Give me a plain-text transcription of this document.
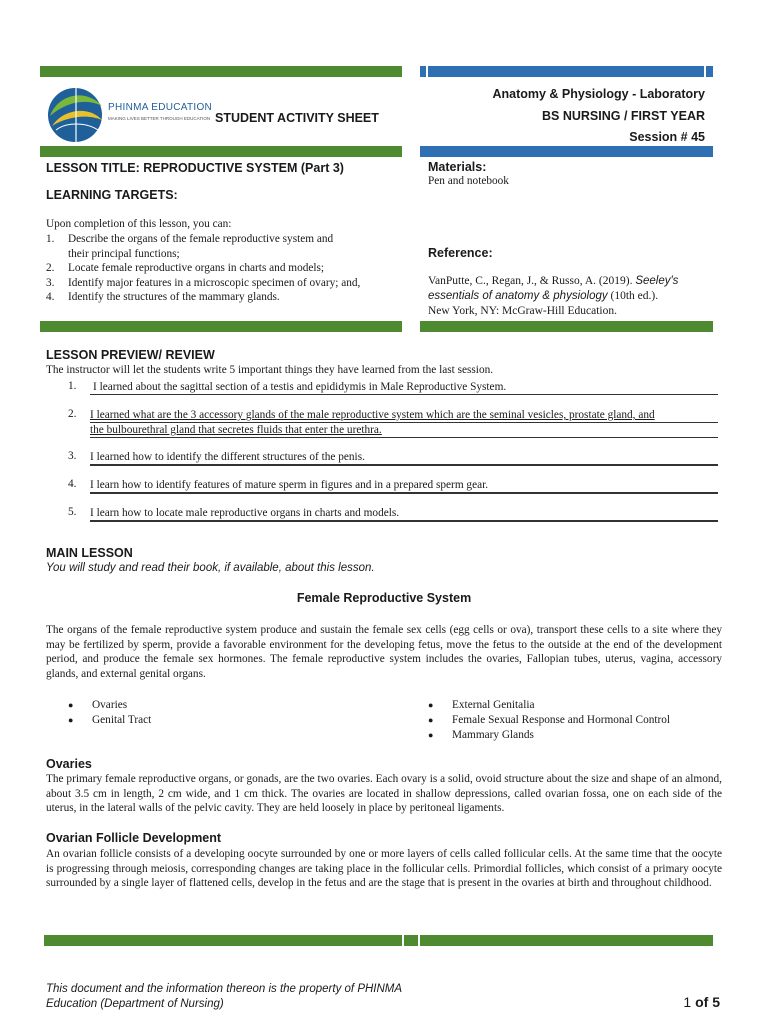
PHINMA EDUCATION
MAKING LIVES BETTER THROUGH EDUCATION STUDENT ACTIVITY SHEET
Anatomy & Physiology - Laboratory
BS NURSING / FIRST YEAR
Session # 45
LESSON TITLE: REPRODUCTIVE SYSTEM (Part 3)
LEARNING TARGETS:
Upon completion of this lesson, you can:
1. Describe the organs of the female reproductive system and
their principal functions;
2. Locate female reproductive organs in charts and models;
3. Identify major features in a microscopic specimen of ovary; and,
4. Identify the structures of the mammary glands.
Materials:
Pen and notebook
Reference:
VanPutte, C., Regan, J., & Russo, A. (2019). Seeley's
essentials of anatomy & physiology (10th ed.).
New York, NY: McGraw-Hill Education.
LESSON PREVIEW/ REVIEW
The instructor will let the students write 5 important things they have learned from the last session.
1. I learned about the sagittal section of a testis and epididymis in Male Reproductive System.
2. I learned what are the 3 accessory glands of the male reproductive system which are the seminal vesicles, prostate gland, and
the bulbourethral gland that secretes fluids that enter the urethra.
3. I learned how to identify the different structures of the penis.
4. I learn how to identify features of mature sperm in figures and in a prepared sperm gear.
5. I learn how to locate male reproductive organs in charts and models.
MAIN LESSON
You will study and read their book, if available, about this lesson.
Female Reproductive System
The organs of the female reproductive system produce and sustain the female sex cells (egg cells or ova), transport these cells to a site where they may be fertilized by sperm, provide a favorable environment for the developing fetus, move the fetus to the outside at the end of the development period, and produce the female sex hormones. The female reproductive system includes the ovaries, Fallopian tubes, uterus, vagina, accessory glands, and external genital organs.
● Ovaries
● Genital Tract
● External Genitalia
● Female Sexual Response and Hormonal Control
● Mammary Glands
Ovaries
The primary female reproductive organs, or gonads, are the two ovaries. Each ovary is a solid, ovoid structure about the size and shape of an almond, about 3.5 cm in length, 2 cm wide, and 1 cm thick. The ovaries are located in shallow depressions, called ovarian fossa, one on each side of the uterus, in the lateral walls of the pelvic cavity. They are held loosely in place by peritoneal ligaments.
Ovarian Follicle Development
An ovarian follicle consists of a developing oocyte surrounded by one or more layers of cells called follicular cells. At the same time that the oocyte is progressing through meiosis, corresponding changes are taking place in the follicular cells. Primordial follicles, which consist of a primary oocyte surrounded by a single layer of flattened cells, develop in the fetus and are the stage that is present in the ovaries at birth and throughout childhood.
This document and the information thereon is the property of PHINMA
Education (Department of Nursing)	1 of 5
